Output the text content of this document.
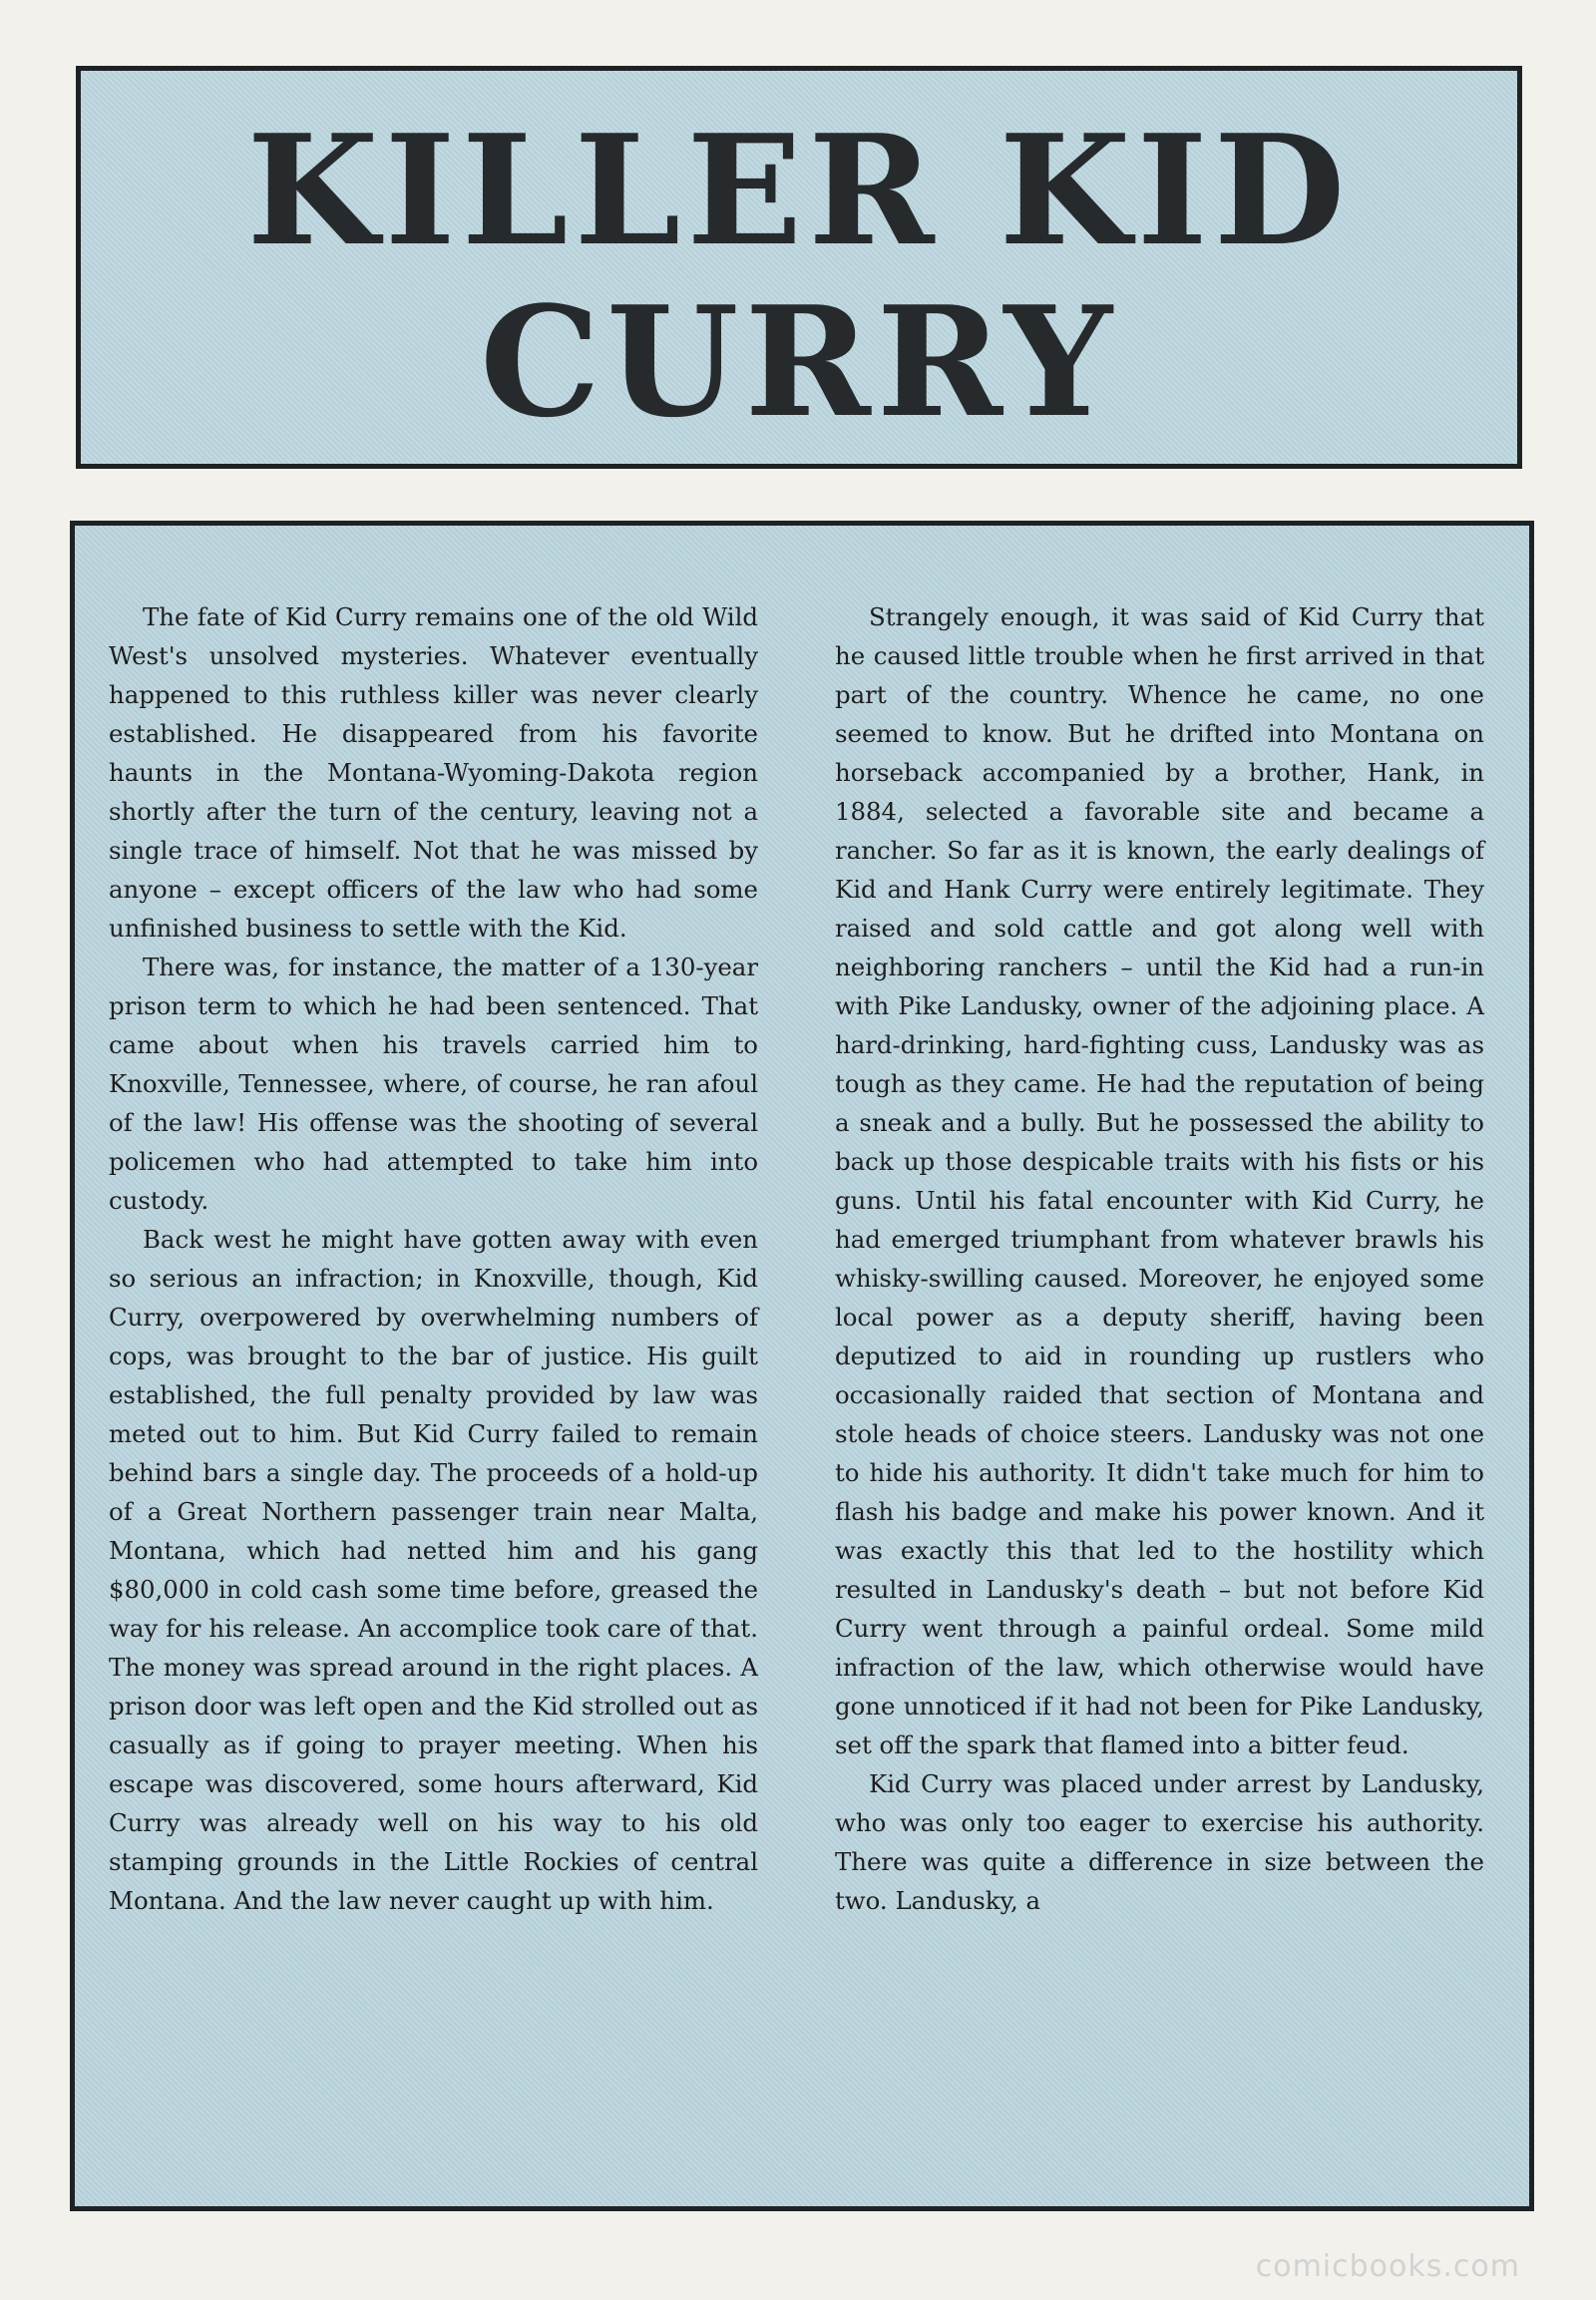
KILLER KID
CURRY

The fate of Kid Curry remains one of the old Wild West's unsolved mysteries. Whatever eventually happened to this ruthless killer was never clearly established. He disappeared from his favorite haunts in the Montana-Wyoming-Dakota region shortly after the turn of the century, leaving not a single trace of himself. Not that he was missed by anyone – except officers of the law who had some unfinished business to settle with the Kid.

There was, for instance, the matter of a 130-year prison term to which he had been sentenced. That came about when his travels carried him to Knoxville, Tennessee, where, of course, he ran afoul of the law! His offense was the shooting of several policemen who had attempted to take him into custody.

Back west he might have gotten away with even so serious an infraction; in Knoxville, though, Kid Curry, overpowered by overwhelming numbers of cops, was brought to the bar of justice. His guilt established, the full penalty provided by law was meted out to him. But Kid Curry failed to remain behind bars a single day. The proceeds of a hold-up of a Great Northern passenger train near Malta, Montana, which had netted him and his gang $80,000 in cold cash some time before, greased the way for his release. An accomplice took care of that. The money was spread around in the right places. A prison door was left open and the Kid strolled out as casually as if going to prayer meeting. When his escape was discovered, some hours afterward, Kid Curry was already well on his way to his old stamping grounds in the Little Rockies of central Montana. And the law never caught up with him.

Strangely enough, it was said of Kid Curry that he caused little trouble when he first arrived in that part of the country. Whence he came, no one seemed to know. But he drifted into Montana on horseback accompanied by a brother, Hank, in 1884, selected a favorable site and became a rancher. So far as it is known, the early dealings of Kid and Hank Curry were entirely legitimate. They raised and sold cattle and got along well with neighboring ranchers – until the Kid had a run-in with Pike Landusky, owner of the adjoining place. A hard-drinking, hard-fighting cuss, Landusky was as tough as they came. He had the reputation of being a sneak and a bully. But he possessed the ability to back up those despicable traits with his fists or his guns. Until his fatal encounter with Kid Curry, he had emerged triumphant from whatever brawls his whisky-swilling caused. Moreover, he enjoyed some local power as a deputy sheriff, having been deputized to aid in rounding up rustlers who occasionally raided that section of Montana and stole heads of choice steers. Landusky was not one to hide his authority. It didn't take much for him to flash his badge and make his power known. And it was exactly this that led to the hostility which resulted in Landusky's death – but not before Kid Curry went through a painful ordeal. Some mild infraction of the law, which otherwise would have gone unnoticed if it had not been for Pike Landusky, set off the spark that flamed into a bitter feud.

Kid Curry was placed under arrest by Landusky, who was only too eager to exercise his authority. There was quite a difference in size between the two. Landusky, a

comicbooks.com
